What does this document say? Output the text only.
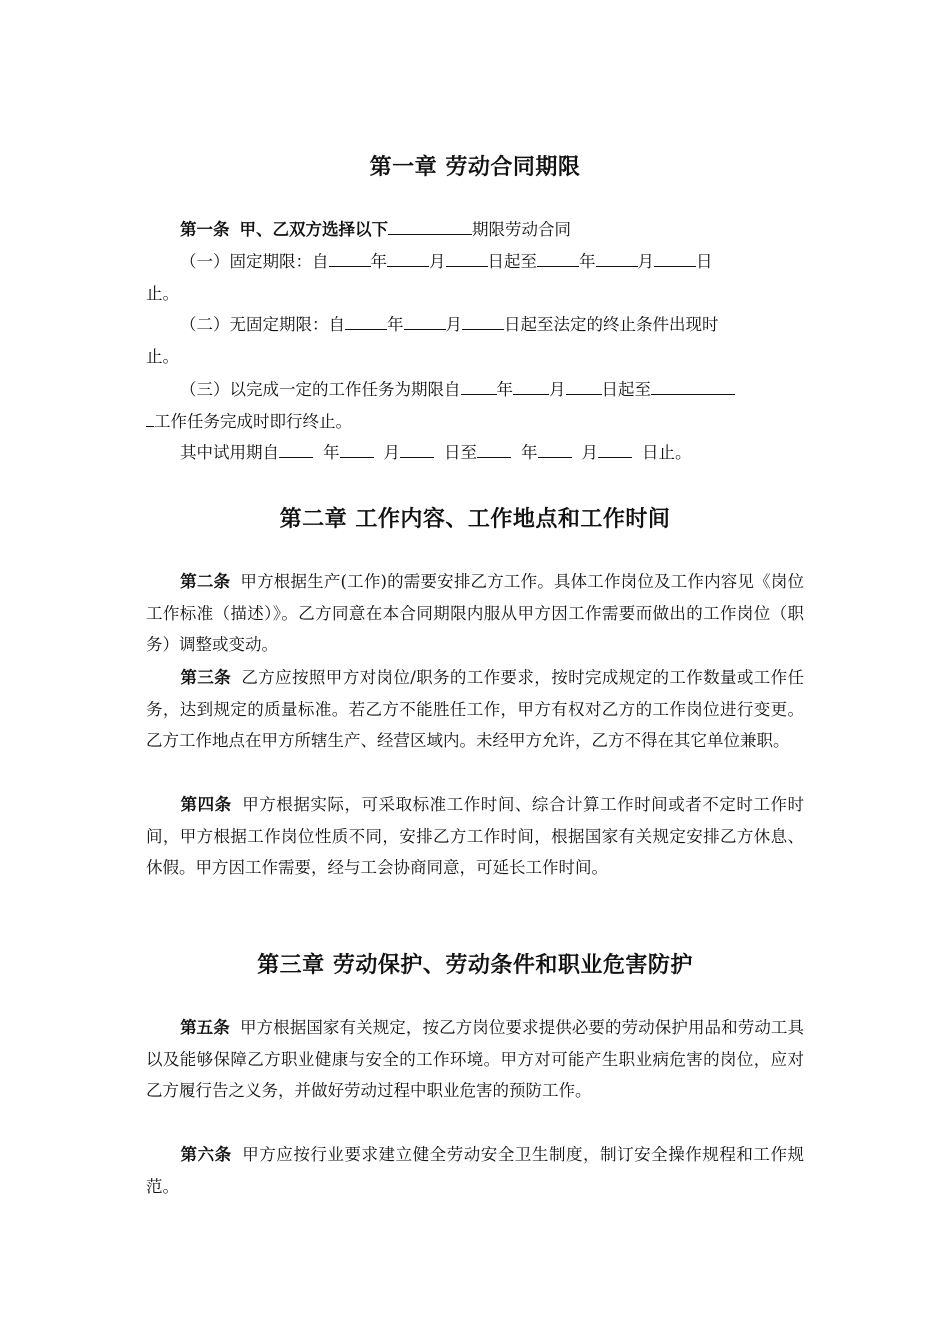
第一章 劳动合同期限
第一条 甲、乙双方选择以下	期限劳动合同
（一）固定期限：自	年	月	日起至	年	月	日
止。
（二）无固定期限：自	年	月	日起至法定的终止条件出现时
止。
（三）以完成一定的工作任务为期限自 年 月 日起至
工作任务完成时即行终止。
其中试用期自	年	月	日至	年	月	日止。
第二章 工作内容、工作地点和工作时间
第二条 甲方根据生产(工作)的需要安排乙方工作。具体工作岗位及工作内容见《岗位工作标准（描述）》。乙方同意在本合同期限内服从甲方因工作需要而做出的工作岗位（职务）调整或变动。
第三条 乙方应按照甲方对岗位/职务的工作要求，按时完成规定的工作数量或工作任务，达到规定的质量标准。若乙方不能胜任工作，甲方有权对乙方的工作岗位进行变更。乙方工作地点在甲方所辖生产、经营区域内。未经甲方允许，乙方不得在其它单位兼职。
第四条 甲方根据实际，可采取标准工作时间、综合计算工作时间或者不定时工作时间，甲方根据工作岗位性质不同，安排乙方工作时间，根据国家有关规定安排乙方休息、休假。甲方因工作需要，经与工会协商同意，可延长工作时间。
第三章 劳动保护、劳动条件和职业危害防护
第五条 甲方根据国家有关规定，按乙方岗位要求提供必要的劳动保护用品和劳动工具以及能够保障乙方职业健康与安全的工作环境。甲方对可能产生职业病危害的岗位，应对乙方履行告之义务，并做好劳动过程中职业危害的预防工作。
第六条 甲方应按行业要求建立健全劳动安全卫生制度，制订安全操作规程和工作规范。
